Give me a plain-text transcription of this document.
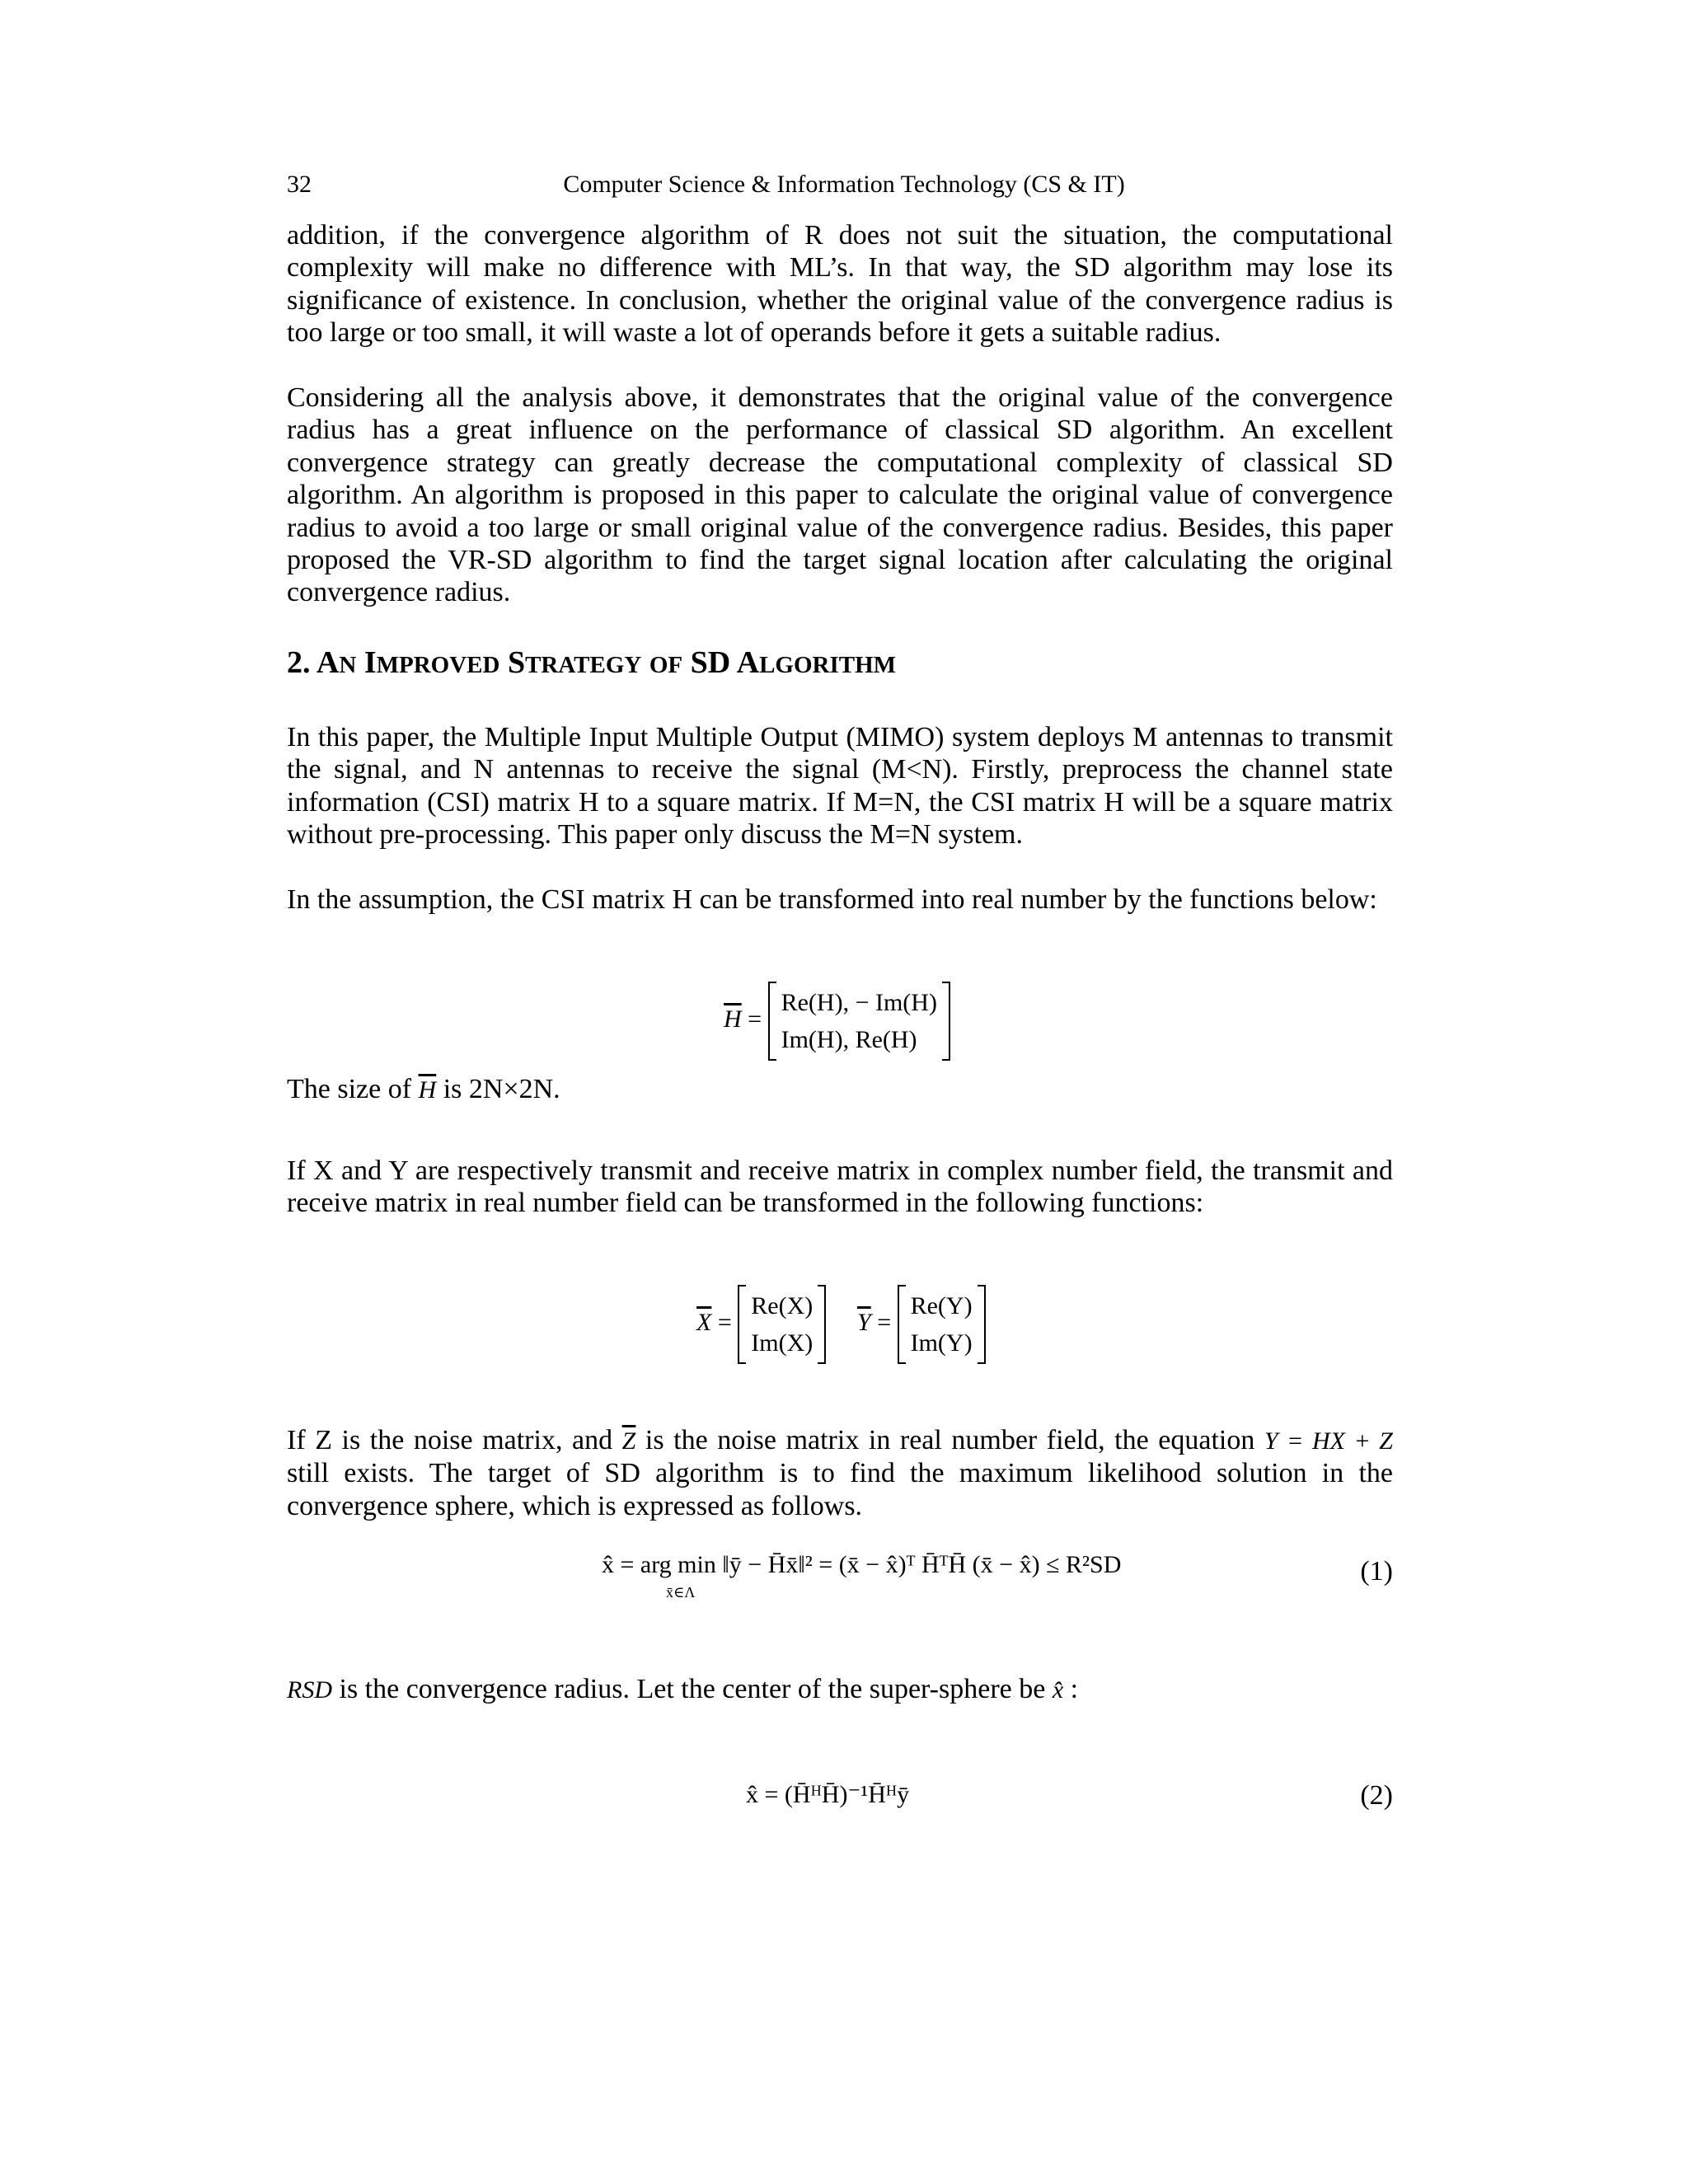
32	Computer Science & Information Technology (CS & IT)
addition, if the convergence algorithm of R does not suit the situation, the computational
complexity will make no difference with ML’s. In that way, the SD algorithm may lose its
significance of existence. In conclusion, whether the original value of the convergence radius is
too large or too small, it will waste a lot of operands before it gets a suitable radius.
Considering all the analysis above, it demonstrates that the original value of the convergence
radius has a great influence on the performance of classical SD algorithm. An excellent
convergence strategy can greatly decrease the computational complexity of classical SD
algorithm. An algorithm is proposed in this paper to calculate the original value of convergence
radius to avoid a too large or small original value of the convergence radius. Besides, this paper
proposed the VR-SD algorithm to find the target signal location after calculating the original
convergence radius.
2. AN IMPROVED STRATEGY OF SD ALGORITHM
In this paper, the Multiple Input Multiple Output (MIMO) system deploys M antennas to transmit
the signal, and N antennas to receive the signal (M<N). Firstly, preprocess the channel state
information (CSI) matrix H to a square matrix. If M=N, the CSI matrix H will be a square matrix
without pre-processing. This paper only discuss the M=N system.
In the assumption, the CSI matrix H can be transformed into real number by the functions below:
$\overline{H}$ =
Re(H), − Im(H)
Im(H), Re(H)
The size of $\overline{H}$ is 2N×2N.
If X and Y are respectively transmit and receive matrix in complex number field, the transmit and
receive matrix in real number field can be transformed in the following functions:
$\overline{X}$ =
Re(X)
Im(X)
$\overline{Y}$ =
Re(Y)
Im(Y)
If Z is the noise matrix, and $\overline{Z}$ is the noise matrix in real number field, the equation Y = HX + Z
still exists. The target of SD algorithm is to find the maximum likelihood solution in the
convergence sphere, which is expressed as follows.
x̂ = arg min ‖ȳ − H̄x̄‖² = (x̄ − x̂)ᵀ H̄ᵀH̄ (x̄ − x̂) ≤ R²SD
x̄∈Λ
(1)
RSD is the convergence radius. Let the center of the super-sphere be x̂ :
x̂ = (H̄ᴴH̄)⁻¹H̄ᴴȳ	(2)
